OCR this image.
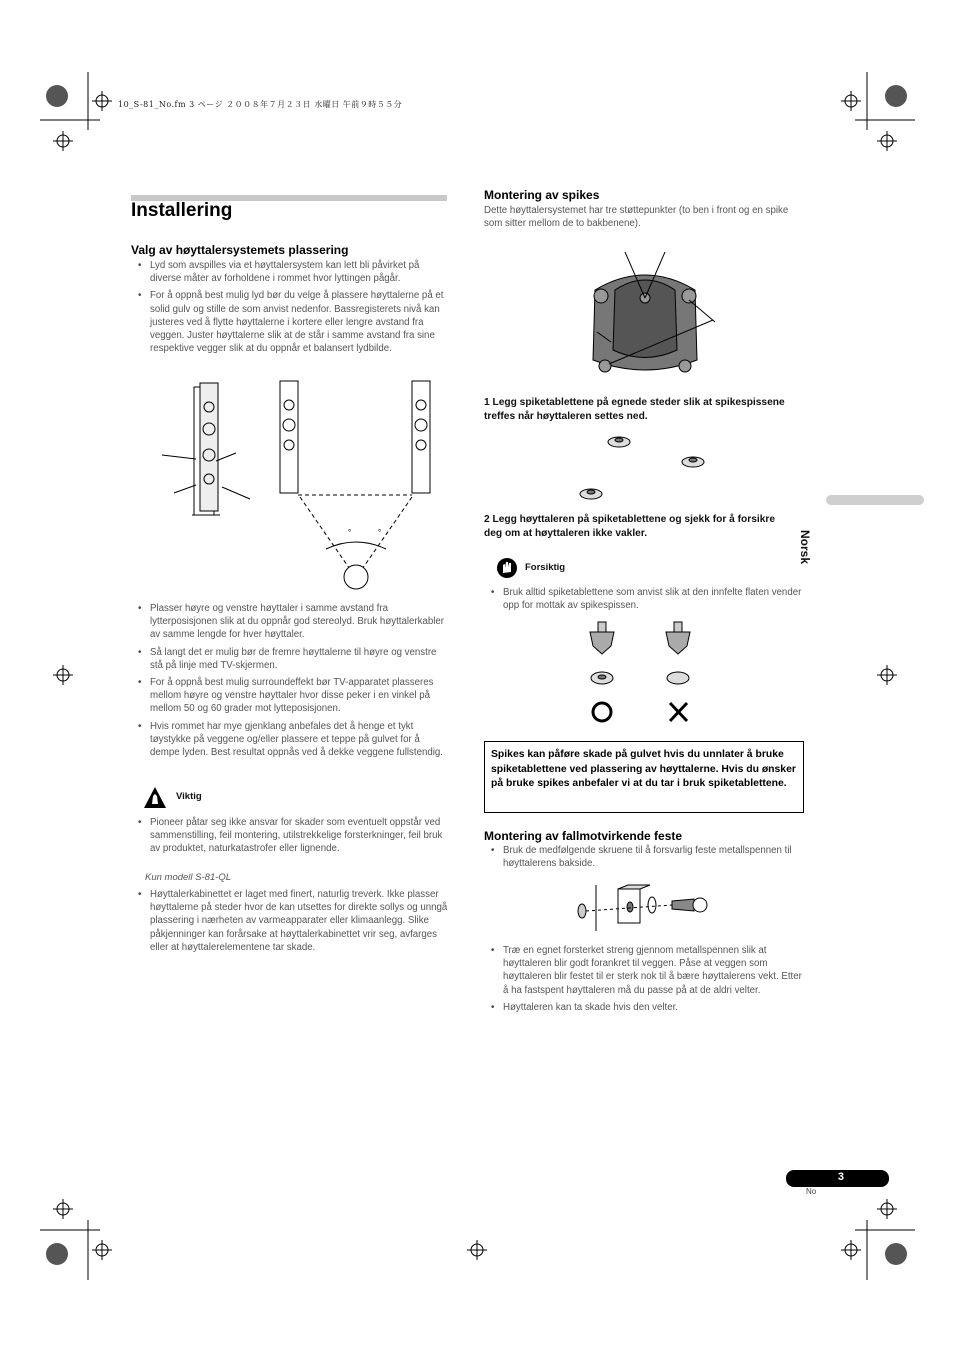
10_S-81_No.fm 3 ページ ２００８年７月２３日 水曜日 午前９時５５分
Installering
Valg av høyttalersystemets plassering
• Lyd som avspilles via et høyttalersystem kan lett bli påvirket på diverse måter av forholdene i rommet hvor lyttingen pågår.
• For å oppnå best mulig lyd bør du velge å plassere høyttalerne på et solid gulv og stille de som anvist nedenfor. Bassregisterets nivå kan justeres ved å flytte høyttalerne i kortere eller lengre avstand fra veggen. Juster høyttalerne slik at de står i samme avstand fra sine respektive vegger slik at du oppnår et balansert lydbilde.
°	°
• Plasser høyre og venstre høyttaler i samme avstand fra lytterposisjonen slik at du oppnår god stereolyd. Bruk høyttalerkabler av samme lengde for hver høyttaler.
• Så langt det er mulig bør de fremre høyttalerne til høyre og venstre stå på linje med TV-skjermen.
• For å oppnå best mulig surroundeffekt bør TV-apparatet plasseres mellom høyre og venstre høyttaler hvor disse peker i en vinkel på mellom 50 og 60 grader mot lytteposisjonen.
• Hvis rommet har mye gjenklang anbefales det å henge et tykt tøystykke på veggene og/eller plassere et teppe på gulvet for å dempe lyden. Best resultat oppnås ved å dekke veggene fullstendig.
Viktig
• Pioneer påtar seg ikke ansvar for skader som eventuelt oppstår ved sammenstilling, feil montering, utilstrekkelige forsterkninger, feil bruk av produktet, naturkatastrofer eller lignende.
Kun modell S-81-QL
• Høyttalerkabinettet er laget med finert, naturlig treverk. Ikke plasser høyttalerne på steder hvor de kan utsettes for direkte sollys og unngå plassering i nærheten av varmeapparater eller klimaanlegg. Slike påkjenninger kan forårsake at høyttalerkabinettet vrir seg, avfarges eller at høyttalerelementene tar skade.
Montering av spikes
Dette høyttalersystemet har tre støttepunkter (to ben i front og en spike som sitter mellom de to bakbenene).
1 Legg spiketablettene på egnede steder slik at spikespissene treffes når høyttaleren settes ned.
2 Legg høyttaleren på spiketablettene og sjekk for å forsikre deg om at høyttaleren ikke vakler.
Forsiktig
• Bruk alltid spiketablettene som anvist slik at den innfelte flaten vender opp for mottak av spikespissen.
Spikes kan påføre skade på gulvet hvis du unnlater å bruke spiketablettene ved plassering av høyttalerne. Hvis du ønsker på bruke spikes anbefaler vi at du tar i bruk spiketablettene.
Montering av fallmotvirkende feste
• Bruk de medfølgende skruene til å forsvarlig feste metallspennen til høyttalerens bakside.
• Træ en egnet forsterket streng gjennom metallspennen slik at høyttaleren blir godt forankret til veggen. Påse at veggen som høyttaleren blir festet til er sterk nok til å bære høyttalerens vekt. Etter å ha fastspent høyttaleren må du passe på at de aldri velter.
• Høyttaleren kan ta skade hvis den velter.
Norsk
3
No
